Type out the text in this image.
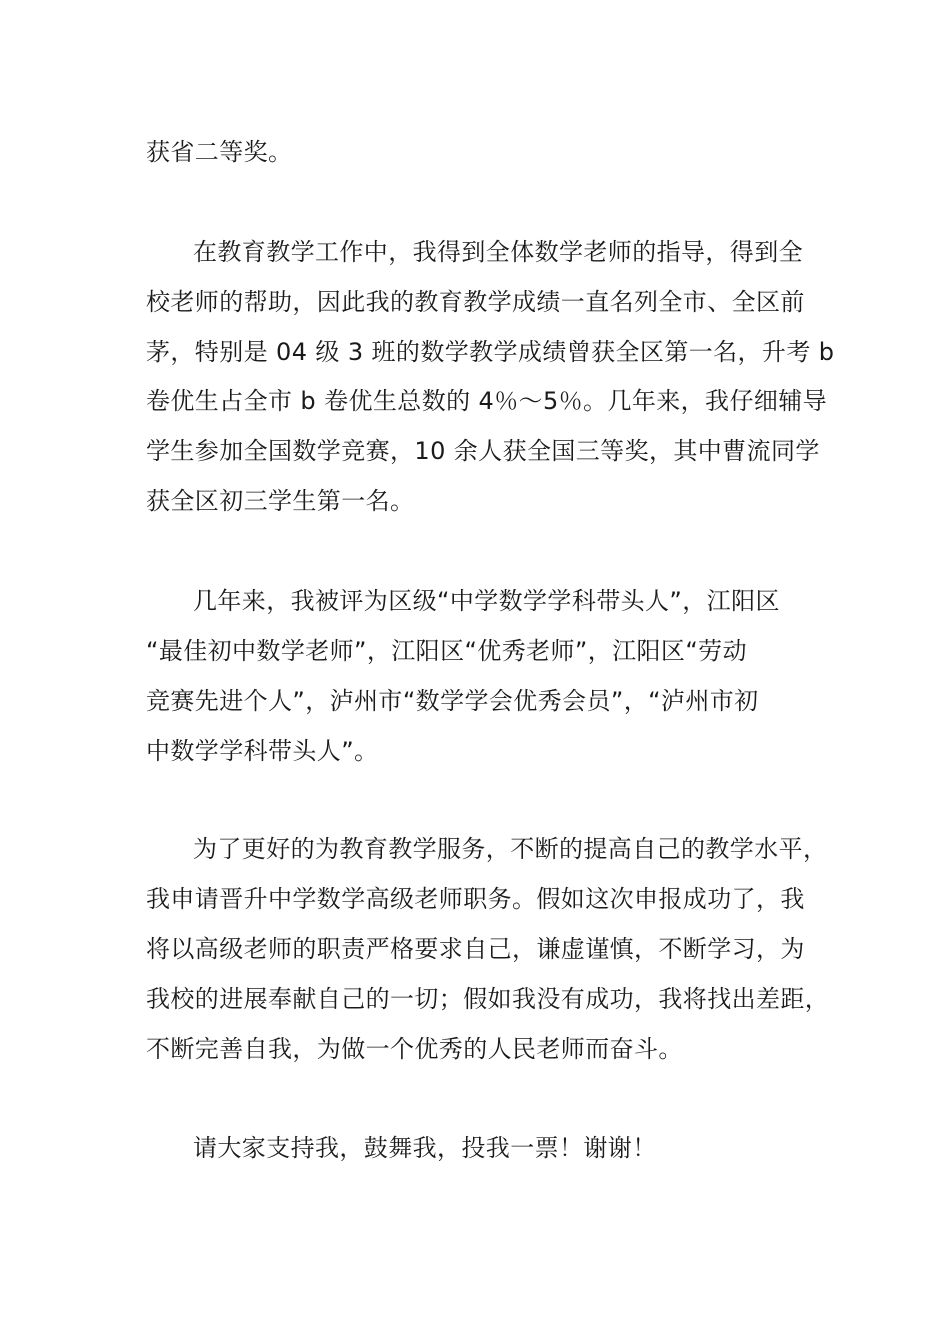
获省二等奖。
在教育教学工作中，我得到全体数学老师的指导，得到全
校老师的帮助，因此我的教育教学成绩一直名列全市、全区前
茅，特别是 04 级 3 班的数学教学成绩曾获全区第一名，升考 b
卷优生占全市 b 卷优生总数的 4％～5％。几年来，我仔细辅导
学生参加全国数学竞赛，10 余人获全国三等奖，其中曹流同学
获全区初三学生第一名。
几年来，我被评为区级“中学数学学科带头人”，江阳区
“最佳初中数学老师”，江阳区“优秀老师”，江阳区“劳动
竞赛先进个人”，泸州市“数学学会优秀会员”，“泸州市初
中数学学科带头人”。
为了更好的为教育教学服务，不断的提高自己的教学水平，
我申请晋升中学数学高级老师职务。假如这次申报成功了，我
将以高级老师的职责严格要求自己，谦虚谨慎，不断学习，为
我校的进展奉献自己的一切；假如我没有成功，我将找出差距，
不断完善自我，为做一个优秀的人民老师而奋斗。
请大家支持我，鼓舞我，投我一票！谢谢！
